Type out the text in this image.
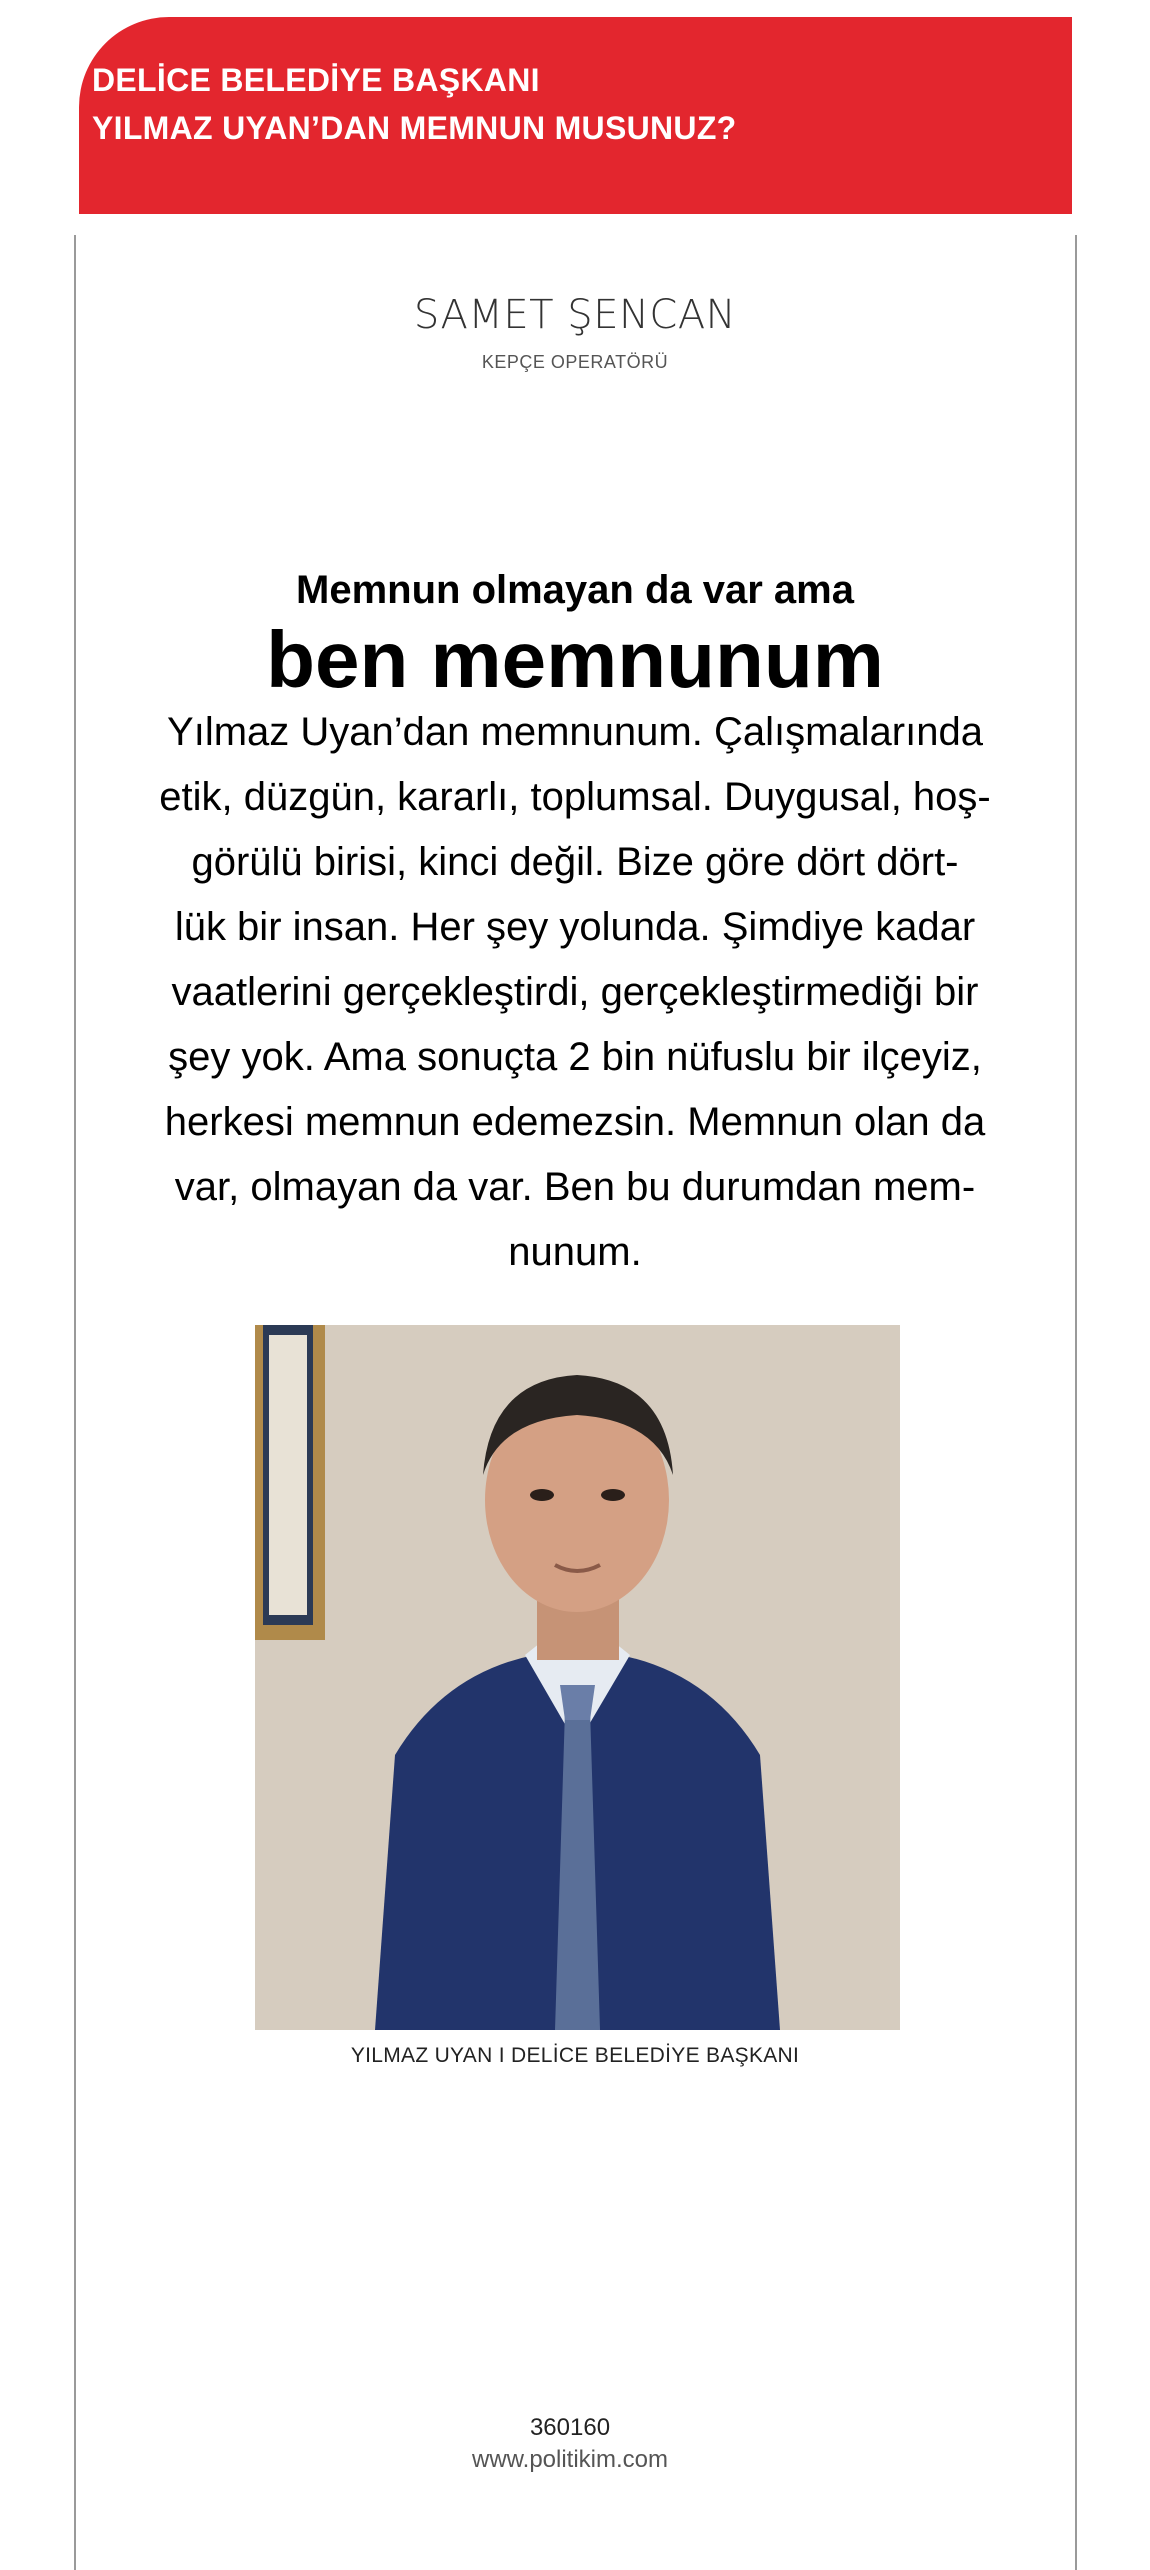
DELİCE BELEDİYE BAŞKANI
YILMAZ UYAN’DAN MEMNUN MUSUNUZ?
SAMET ŞENCAN
KEPÇE OPERATÖRÜ
Memnun olmayan da var ama
ben memnunum
Yılmaz Uyan’dan memnunum. Çalışmalarında
etik, düzgün, kararlı, toplumsal. Duygusal, hoş-
görülü birisi, kinci değil. Bize göre dört dört-
lük bir insan. Her şey yolunda. Şimdiye kadar
vaatlerini gerçekleştirdi, gerçekleştirmediği bir
şey yok. Ama sonuçta 2 bin nüfuslu bir ilçeyiz,
herkesi memnun edemezsin. Memnun olan da
var, olmayan da var. Ben bu durumdan mem-
nunum.
YILMAZ UYAN I DELİCE BELEDİYE BAŞKANI
360160
www.politikim.com
